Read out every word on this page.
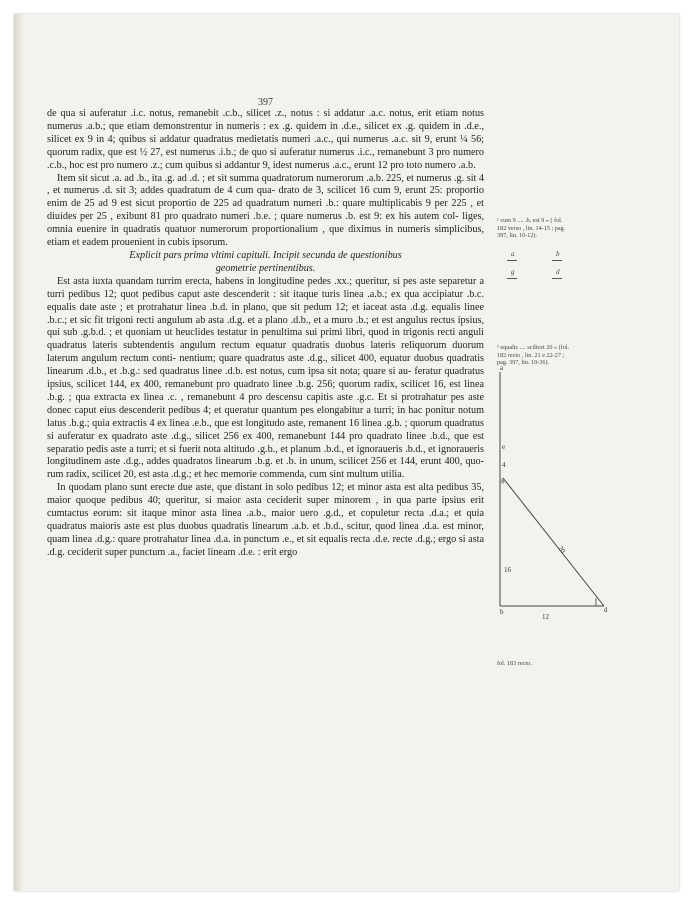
397

de qua si auferatur .i.c. notus, remanebit .c.b., silicet .z., notus : si addatur .a.c. notus, erit etiam notus numerus .a.b.; que etiam demonstrentur in numeris : ex .g. quidem in .d.e., silicet ex .g. quidem in .d.e., silicet ex 9 in 4; quibus si addatur quadratus medietatis numeri .a.c., qui numerus .a.c. sit 9, erunt ¼ 56; quorum radix, que est ½ 27, est numerus .i.b.; de quo si auferatur numerus .i.c., remanebunt 3 pro numero .c.b., hoc est pro numero .z.; cum quibus si addantur 9, idest numerus .a.c., erunt 12 pro toto numero .a.b.

Item sit sicut .a. ad .b., ita .g. ad .d. ; et sit summa quadratorum numerorum .a.b. 225, et numerus .g. sit 4 , et numerus .d. sit 3; addes quadratum de 4 cum qua- drato de 3, scilicet 16 cum 9, erunt 25: proportio enim de 25 ad 9 est sicut proportio de 225 ad quadratum numeri .b.: quare multiplicabis 9 per 225 , et diuides per 25 , exibunt 81 pro quadrato numeri .b.e. ; quare numerus .b. est 9: ex his autem col- liges, omnia euenire in quadratis quatuor numerorum proportionalium , que diximus in numeris simplicibus, etiam et eadem prouenient in cubis ipsorum.

Explicit pars prima vltimi capituli. Incipit secunda de questionibus
geometrie pertinentibus.

Est asta iuxta quandam turrim erecta, habens in longitudine pedes .xx.; queritur, si pes aste separetur a turri pedibus 12; quot pedibus caput aste descenderit : sit itaque turis linea .a.b.; ex qua accipiatur .b.c. equalis date aste ; et protrahatur linea .b.d. in plano, que sit pedum 12; et iaceat asta .d.g. equalis linee .b.c.; et sic fit trigoni recti angulum ab asta .d.g. et a plano .d.b., et a muro .b.; et est angulus rectus ipsius, qui sub .g.b.d. ; et quoniam ut heuclides testatur in penultima sui primi libri, quod in trigonis recti anguli quadratus lateris subtendentis angulum rectum equatur quadratis duobus lateris reliquorum duorum laterum angulum rectum conti- nentium; quare quadratus aste .d.g., silicet 400, equatur duobus quadratis linearum .d.b., et .b.g.: sed quadratus linee .d.b. est notus, cum ipsa sit nota; quare si au- feratur quadratus ipsius, scilicet 144, ex 400, remanebunt pro quadrato linee .b.g. 256; quorum radix, scilicet 16, est linea .b.g. ; qua extracta ex linea .c. , remanebunt 4 pro descensu capitis aste .g.c. Et si protrahatur pes aste donec caput eius descenderit pedibus 4; et queratur quantum pes elongabitur a turri; in hac ponitur notum latus .b.g.; quia extractis 4 ex linea .e.b., que est longitudo aste, remanent 16 linea .g.b. ; quorum quadratus si auferatur ex quadrato aste .d.g., silicet 256 ex 400, remanebunt 144 pro quadrato linee .b.d., que est separatio pedis aste a turri; et si fuerit nota altitudo .g.b., et planum .b.d., et ignoraueris .b.d., et ignoraueris longitudinem aste .d.g., addes quadratos linearum .b.g. et .b. in unum, scilicet 256 et 144, erunt 400, quo- rum radix, scilicet 20, est asta .d.g.; et hec memorie commenda, cum sint multum utilia.

In quodam plano sunt erecte due aste, que distant in solo pedibus 12; et minor asta est alta pedibus 35, maior quoque pedibus 40; queritur, si maior asta ceciderit super minorem , in qua parte ipsius erit cumtactus eorum: sit itaque minor asta linea .a.b., maior uero .g.d., et copuletur recta .d.a.; et quia quadratus maioris aste est plus duobus quadratis linearum .a.b. et .b.d., scitur, quod linea .d.a. est minor, quam linea .d.g.: quare protrahatur linea .d.a. in punctum .e., et sit equalis recta .d.e. recte .d.g.; ergo si asta .d.g. ceciderit super punctum .a., faciet lineam .d.e. : erit ergo

¹ cum 9 .... .b. est 9 » ( fol.
182 verso , lin. 14-15 ; pag.
397, lin. 10-12).
a	b
g	d
² equalis .... scilicet 20 » (fol.
182 recto , lin. 21 e 22-27 ;
pag. 397, lin. 19-36).
a
e
4
g
16
20
b	d
12
fol. 183 recto.
